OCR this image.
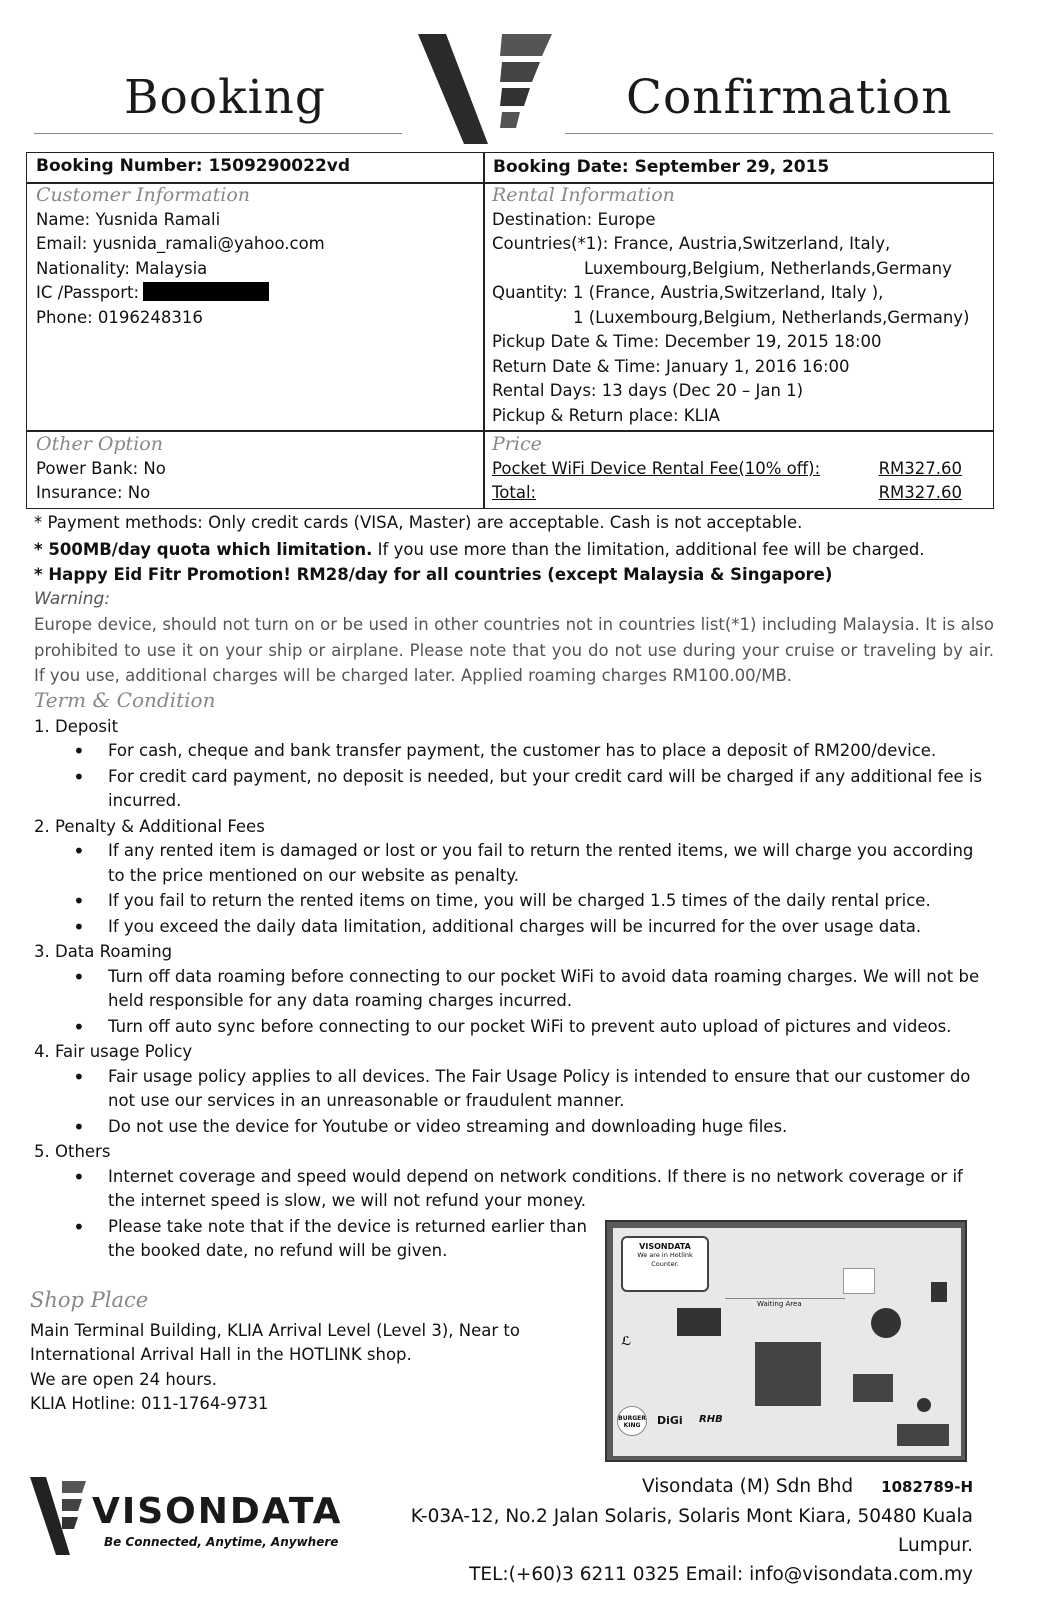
Booking	Confirmation
Booking Number: 1509290022vd	Booking Date: September 29, 2015
Customer Information
Name: Yusnida Ramali
Email: yusnida_ramali@yahoo.com
Nationality: Malaysia
IC /Passport:
Phone: 0196248316
Rental Information
Destination: Europe
Countries(*1): France, Austria,Switzerland, Italy,
Luxembourg,Belgium, Netherlands,Germany
Quantity: 1 (France, Austria,Switzerland, Italy ),
1 (Luxembourg,Belgium, Netherlands,Germany)
Pickup Date & Time: December 19, 2015 18:00
Return Date & Time: January 1, 2016 16:00
Rental Days: 13 days (Dec 20 – Jan 1)
Pickup & Return place: KLIA
Other Option
Power Bank: No
Insurance: No
Price
Pocket WiFi Device Rental Fee(10% off):	RM327.60
Total:	RM327.60
* Payment methods: Only credit cards (VISA, Master) are acceptable. Cash is not acceptable.
* 500MB/day quota which limitation. If you use more than the limitation, additional fee will be charged.
* Happy Eid Fitr Promotion! RM28/day for all countries (except Malaysia & Singapore)
Warning:
Europe device, should not turn on or be used in other countries not in countries list(*1) including Malaysia. It is also prohibited to use it on your ship or airplane. Please note that you do not use during your cruise or traveling by air. If you use, additional charges will be charged later. Applied roaming charges RM100.00/MB.
Term & Condition
1. Deposit
• For cash, cheque and bank transfer payment, the customer has to place a deposit of RM200/device.
• For credit card payment, no deposit is needed, but your credit card will be charged if any additional fee is incurred.
2. Penalty & Additional Fees
• If any rented item is damaged or lost or you fail to return the rented items, we will charge you according to the price mentioned on our website as penalty.
• If you fail to return the rented items on time, you will be charged 1.5 times of the daily rental price.
• If you exceed the daily data limitation, additional charges will be incurred for the over usage data.
3. Data Roaming
• Turn off data roaming before connecting to our pocket WiFi to avoid data roaming charges. We will not be held responsible for any data roaming charges incurred.
• Turn off auto sync before connecting to our pocket WiFi to prevent auto upload of pictures and videos.
4. Fair usage Policy
• Fair usage policy applies to all devices. The Fair Usage Policy is intended to ensure that our customer do not use our services in an unreasonable or fraudulent manner.
• Do not use the device for Youtube or video streaming and downloading huge files.
5. Others
• Internet coverage and speed would depend on network conditions. If there is no network coverage or if the internet speed is slow, we will not refund your money.
• Please take note that if the device is returned earlier than the booked date, no refund will be given.
Shop Place
Main Terminal Building, KLIA Arrival Level (Level 3), Near to
International Arrival Hall in the HOTLINK shop.
We are open 24 hours.
KLIA Hotline: 011-1764-9731
VISONDATA
We are in Hotlink Counter.
Waiting Area
ℒ
BURGER KING	DiGi RHB
VISONDATA
Be Connected, Anytime, Anywhere
Visondata (M) Sdn Bhd 1082789-H
K-03A-12, No.2 Jalan Solaris, Solaris Mont Kiara, 50480 Kuala Lumpur.
TEL:(+60)3 6211 0325 Email: info@visondata.com.my
